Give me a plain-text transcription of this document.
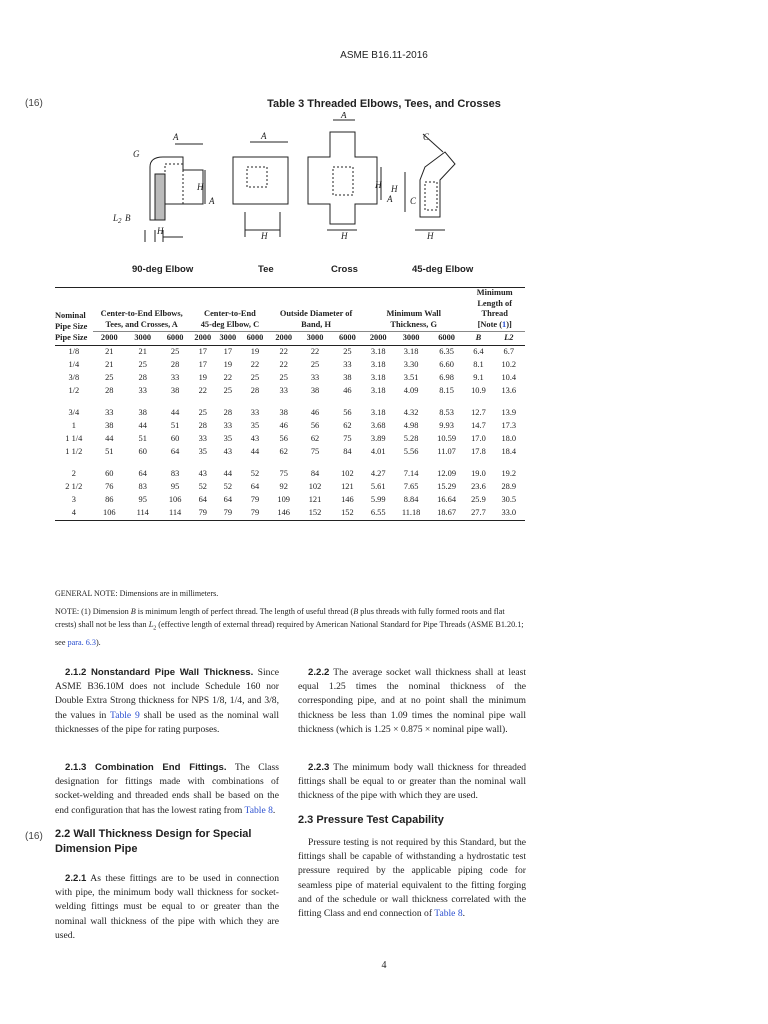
ASME B16.11-2016
(16)	Table 3 Threaded Elbows, Tees, and Crosses
A
G
$L_2$ B
H
H
A
A
H
A
H
H
A
C
C
H
H
90-deg Elbow	Tee	Cross	45-deg Elbow
Nominal
Pipe Size	Center-to-End Elbows,
Tees, and Crosses, A			Center-to-End
45-deg Elbow, C			Outside Diameter of
Band, H			Minimum Wall
Thickness, G			Minimum
Length of
Thread
[Note (1)]	

Pipe Size	2000	3000	6000	2000	3000	6000	2000	3000	6000	2000	3000	6000	B	L2
1/8	21	21	25	17	17	19	22	22	25	3.18	3.18	6.35	6.4	6.7
1/4	21	25	28	17	19	22	22	25	33	3.18	3.30	6.60	8.1	10.2
3/8	25	28	33	19	22	25	25	33	38	3.18	3.51	6.98	9.1	10.4
1/2	28	33	38	22	25	28	33	38	46	3.18	4.09	8.15	10.9	13.6

3/4	33	38	44	25	28	33	38	46	56	3.18	4.32	8.53	12.7	13.9
1	38	44	51	28	33	35	46	56	62	3.68	4.98	9.93	14.7	17.3
1 1/4	44	51	60	33	35	43	56	62	75	3.89	5.28	10.59	17.0	18.0
1 1/2	51	60	64	35	43	44	62	75	84	4.01	5.56	11.07	17.8	18.4

2	60	64	83	43	44	52	75	84	102	4.27	7.14	12.09	19.0	19.2
2 1/2	76	83	95	52	52	64	92	102	121	5.61	7.65	15.29	23.6	28.9
3	86	95	106	64	64	79	109	121	146	5.99	8.84	16.64	25.9	30.5
4	106	114	114	79	79	79	146	152	152	6.55	11.18	18.67	27.7	33.0
GENERAL NOTE: Dimensions are in millimeters.
NOTE: (1) Dimension B is minimum length of perfect thread. The length of useful thread (B plus threads with fully formed roots and flat crests) shall not be less than $L_2$ (effective length of external thread) required by American National Standard for Pipe Threads (ASME B1.20.1; see para. 6.3).
2.1.2 Nonstandard Pipe Wall Thickness. Since ASME B36.10M does not include Schedule 160 nor Double Extra Strong thickness for NPS 1/8, 1/4, and 3/8, the values in Table 9 shall be used as the nominal wall thicknesses of the pipe for rating purposes.
2.1.3 Combination End Fittings. The Class designation for fittings made with combinations of socket-welding and threaded ends shall be based on the end configuration that has the lowest rating from Table 8.
(16) 2.2 Wall Thickness Design for Special Dimension Pipe
2.2.1 As these fittings are to be used in connection with pipe, the minimum body wall thickness for socket-welding fittings must be equal to or greater than the nominal wall thickness of the pipe with which they are used.
2.2.2 The average socket wall thickness shall at least equal 1.25 times the nominal thickness of the corresponding pipe, and at no point shall the minimum thickness be less than 1.09 times the nominal pipe wall thickness (which is 1.25 × 0.875 × nominal pipe wall).
2.2.3 The minimum body wall thickness for threaded fittings shall be equal to or greater than the nominal wall thickness of the pipe with which they are used.
2.3 Pressure Test Capability
Pressure testing is not required by this Standard, but the fittings shall be capable of withstanding a hydrostatic test pressure required by the applicable piping code for seamless pipe of material equivalent to the fitting forging and of the schedule or wall thickness correlated with the fitting Class and end connection of Table 8.
4
